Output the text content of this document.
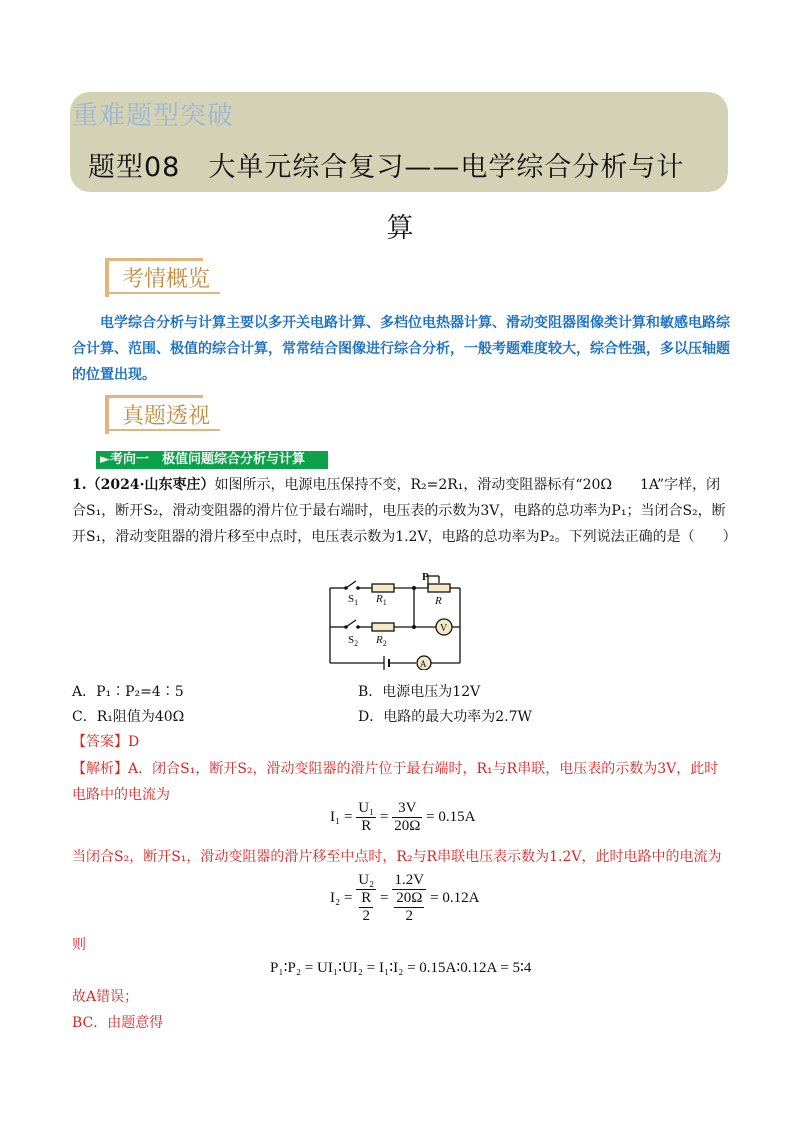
重难题型突破
题型08　大单元综合复习——电学综合分析与计
算
考情概览
电学综合分析与计算主要以多开关电路计算、多档位电热器计算、滑动变阻器图像类计算和敏感电路综合计算、范围、极值的综合计算，常常结合图像进行综合分析，一般考题难度较大，综合性强，多以压轴题的位置出现。
真题透视
►考向一　极值问题综合分析与计算
1.（2024·山东枣庄）如图所示，电源电压保持不变，R₂=2R₁，滑动变阻器标有“20Ω　　1A”字样，闭合S₁，断开S₂，滑动变阻器的滑片位于最右端时，电压表的示数为3V，电路的总功率为P₁；当闭合S₂，断开S₁，滑动变阻器的滑片移至中点时，电压表示数为1.2V，电路的总功率为P₂。下列说法正确的是（　　）
$S_1$ $R_1$
$S_2$ $R_2$
P
R
V
A
A．P₁∶P₂=4∶5	B．电源电压为12V
C．R₁阻值为40Ω	D．电路的最大功率为2.7W
【答案】D
【解析】A．闭合S₁，断开S₂，滑动变阻器的滑片位于最右端时，R₁与R串联，电压表的示数为3V，此时电路中的电流为
$I_1 = \frac{\text{U₁}}{R} = \frac{3V}{20\Omega} = 0.15A$
当闭合S₂，断开S₁，滑动变阻器的滑片移至中点时，R₂与R串联电压表示数为1.2V，此时电路中的电流为
$I_2 = \frac{\text{U₂}}{\frac{R}{2}} = \frac{1.2V}{\frac{20\Omega}{2}} = 0.12A$
则
P₁∶P₂ = UI₁∶UI₂ = I₁∶I₂ = 0.15A∶0.12A = 5∶4
故A错误；
BC．由题意得
